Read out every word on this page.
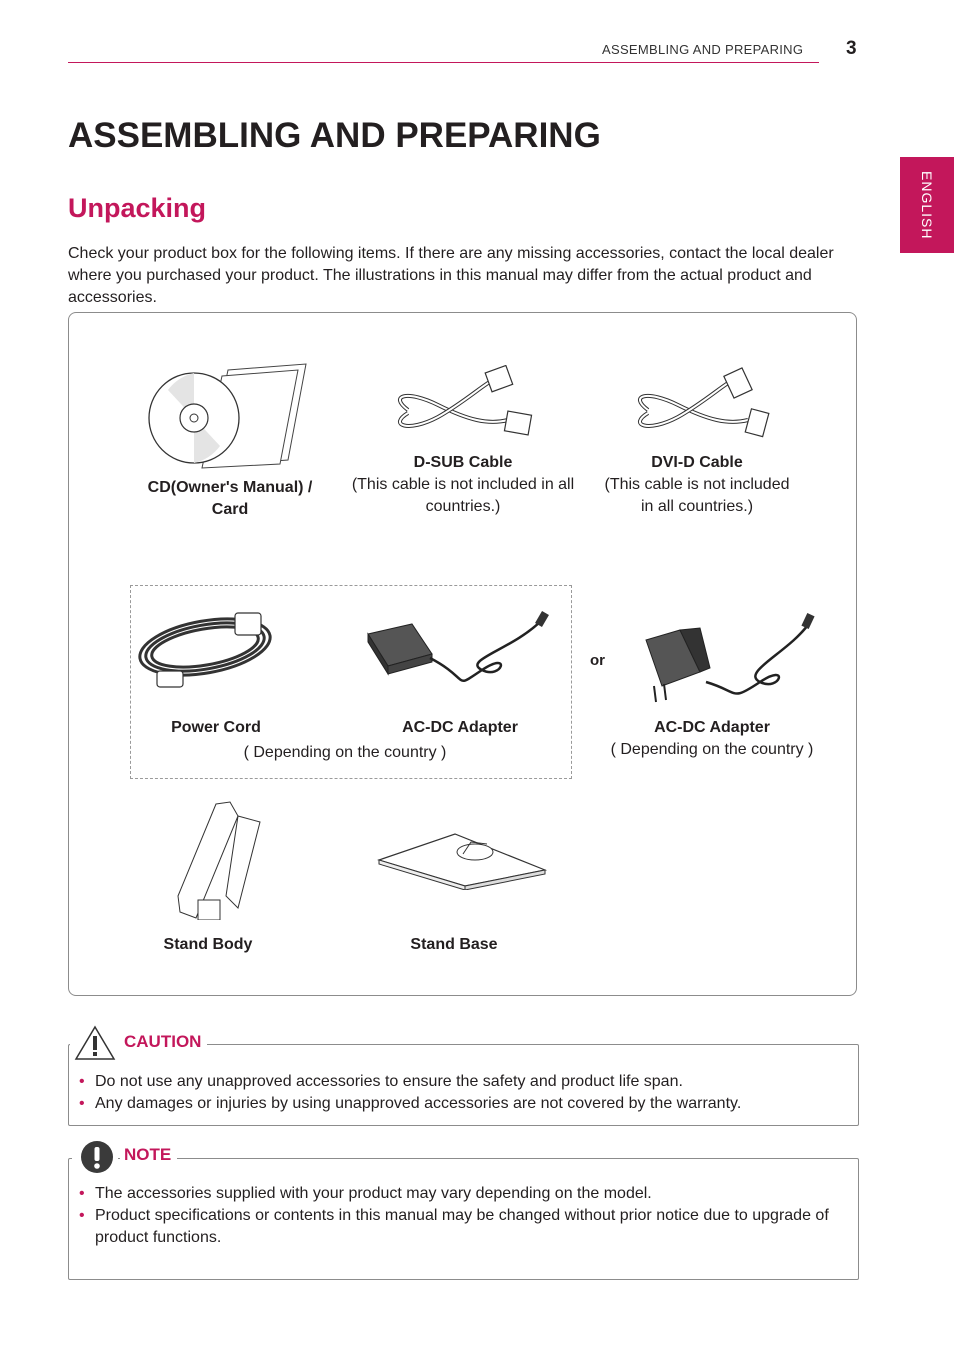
ASSEMBLING AND PREPARING 3
ENGLISH
ASSEMBLING AND PREPARING
Unpacking

Check your product box for the following items. If there are any missing accessories, contact the local dealer where you purchased your product. The illustrations in this manual may differ from the actual product and accessories.

or
CD(Owner's Manual) /
Card
D-SUB Cable
(This cable is not included in all
countries.)
DVI-D Cable
(This cable is not included
in all countries.)
Power Cord	AC-DC Adapter
( Depending on the country )
AC-DC Adapter
( Depending on the country )
Stand Body	Stand Base
• Do not use any unapproved accessories to ensure the safety and product life span.
• Any damages or injuries by using unapproved accessories are not covered by the warranty.
CAUTION
• The accessories supplied with your product may vary depending on the model.
• Product specifications or contents in this manual may be changed without prior notice due to upgrade of product functions.
NOTE
